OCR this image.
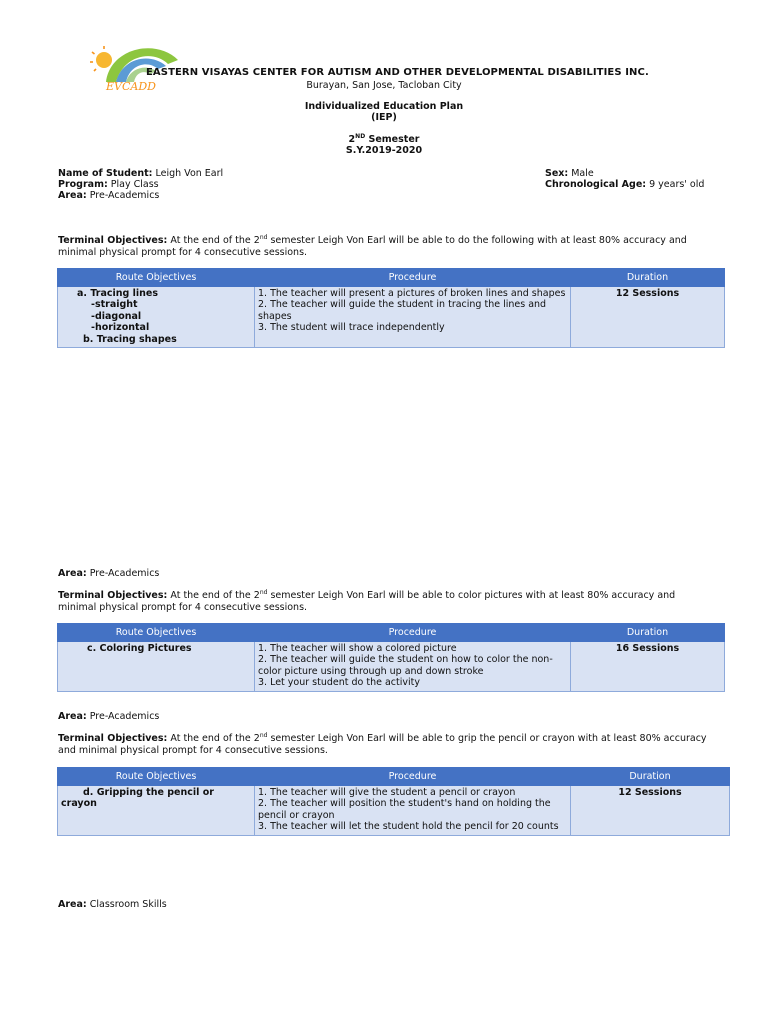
EVCADD
EASTERN VISAYAS CENTER FOR AUTISM AND OTHER DEVELOPMENTAL DISABILITIES INC.
Burayan, San Jose, Tacloban City
Individualized Education Plan
(IEP)
2ND Semester
S.Y.2019-2020
Name of Student: Leigh Von Earl
Program: Play Class
Area: Pre-Academics
Sex: Male
Chronological Age: 9 years' old
Terminal Objectives: At the end of the 2nd semester Leigh Von Earl will be able to do the following with at least 80% accuracy and minimal physical prompt for 4 consecutive sessions.
Route Objectives	Procedure	Duration

a. Tracing lines
-straight
-diagonal
-horizontal
b. Tracing shapes	1. The teacher will present a pictures of broken lines and shapes
2. The teacher will guide the student in tracing the lines and shapes
3. The student will trace independently	12 Sessions
Area: Pre-Academics
Terminal Objectives: At the end of the 2nd semester Leigh Von Earl will be able to color pictures with at least 80% accuracy and minimal physical prompt for 4 consecutive sessions.
Route Objectives	Procedure	Duration

c. Coloring Pictures	1. The teacher will show a colored picture
2. The teacher will guide the student on how to color the non-color picture using through up and down stroke
3. Let your student do the activity	16 Sessions
Area: Pre-Academics
Terminal Objectives: At the end of the 2nd semester Leigh Von Earl will be able to grip the pencil or crayon with at least 80% accuracy and minimal physical prompt for 4 consecutive sessions.
Route Objectives	Procedure	Duration

d. Gripping the pencil or crayon	1. The teacher will give the student a pencil or crayon
2. The teacher will position the student's hand on holding the pencil or crayon
3. The teacher will let the student hold the pencil for 20 counts	12 Sessions
Area: Classroom Skills
